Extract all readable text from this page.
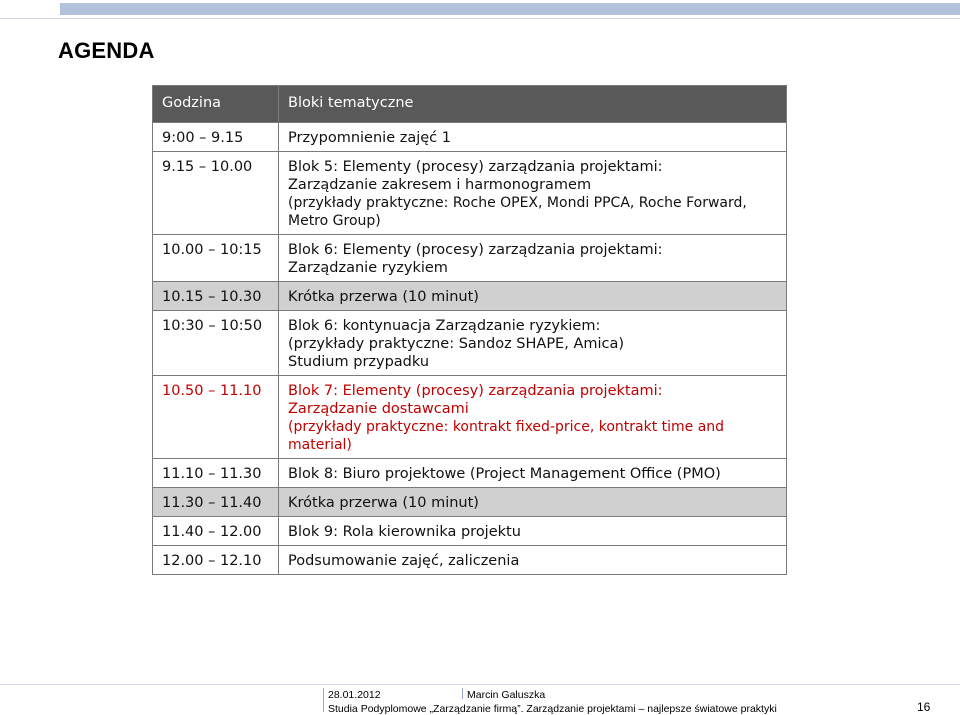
AGENDA
Godzina	Bloki tematyczne
9:00 – 9.15	Przypomnienie zajęć 1

9.15 – 10.00	Blok 5: Elementy (procesy) zarządzania projektami:
Zarządzanie zakresem i harmonogramem
(przykłady praktyczne: Roche OPEX, Mondi PPCA, Roche Forward,
Metro Group)

10.00 – 10:15	Blok 6: Elementy (procesy) zarządzania projektami:
Zarządzanie ryzykiem

10.15 – 10.30	Krótka przerwa (10 minut)

10:30 – 10:50	Blok 6: kontynuacja Zarządzanie ryzykiem:
(przykłady praktyczne: Sandoz SHAPE, Amica)
Studium przypadku

10.50 – 11.10	Blok 7: Elementy (procesy) zarządzania projektami:
Zarządzanie dostawcami
(przykłady praktyczne: kontrakt fixed-price, kontrakt time and material)

11.10 – 11.30	Blok 8: Biuro projektowe (Project Management Office (PMO)

11.30 – 11.40	Krótka przerwa (10 minut)

11.40 – 12.00	Blok 9: Rola kierownika projektu

12.00 – 12.10	Podsumowanie zajęć, zaliczenia
28.01.2012	Marcin Galuszka
Studia Podyplomowe „Zarządzanie firmą”. Zarządzanie projektami – najlepsze światowe praktyki	16
